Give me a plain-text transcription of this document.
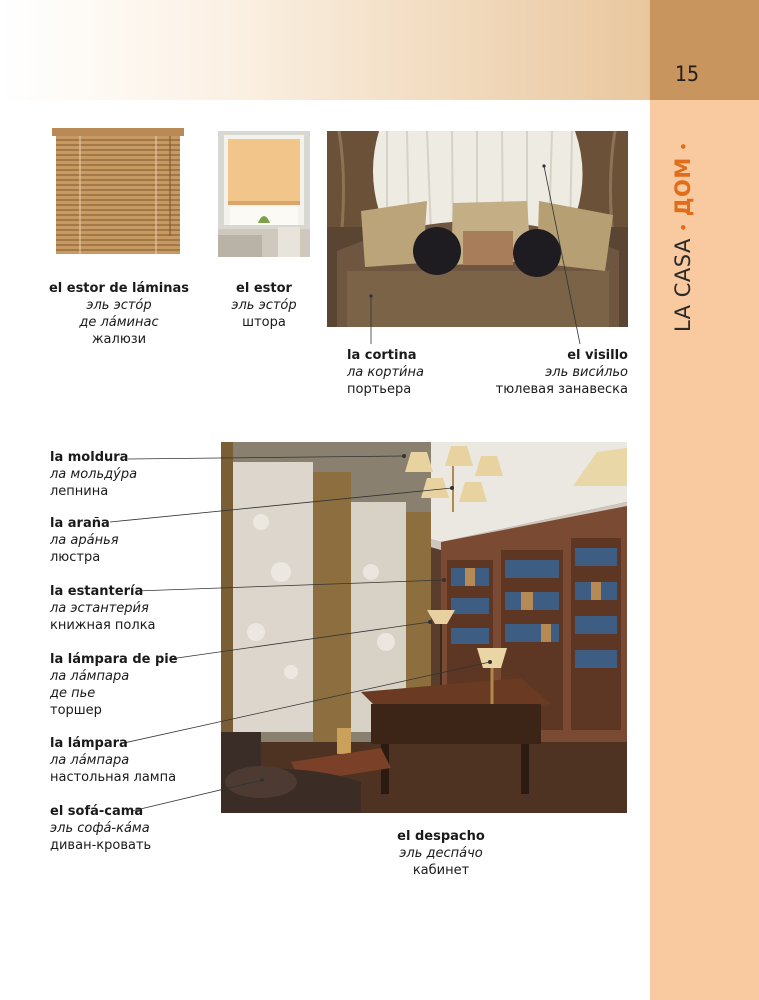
15
LA CASA
•
ДОМ
•
el estor de láminas
эль эсто́р
де ла́минас
жалюзи
el estor
эль эсто́р
штора
la cortina
ла корти́на
портьера
el visillo
эль виси́льо
тюлевая занавеска
la moldura
ла мольду́ра
лепнина
la araña
ла ара́нья
люстра
la estantería
ла эстантери́я
книжная полка
la lámpara de pie
ла ла́мпара
де пье
торшер
la lámpara
ла ла́мпара
настольная лампа
el sofá-cama
эль софа́-ка́ма
диван-кровать
el despacho
эль деспа́чо
кабинет
